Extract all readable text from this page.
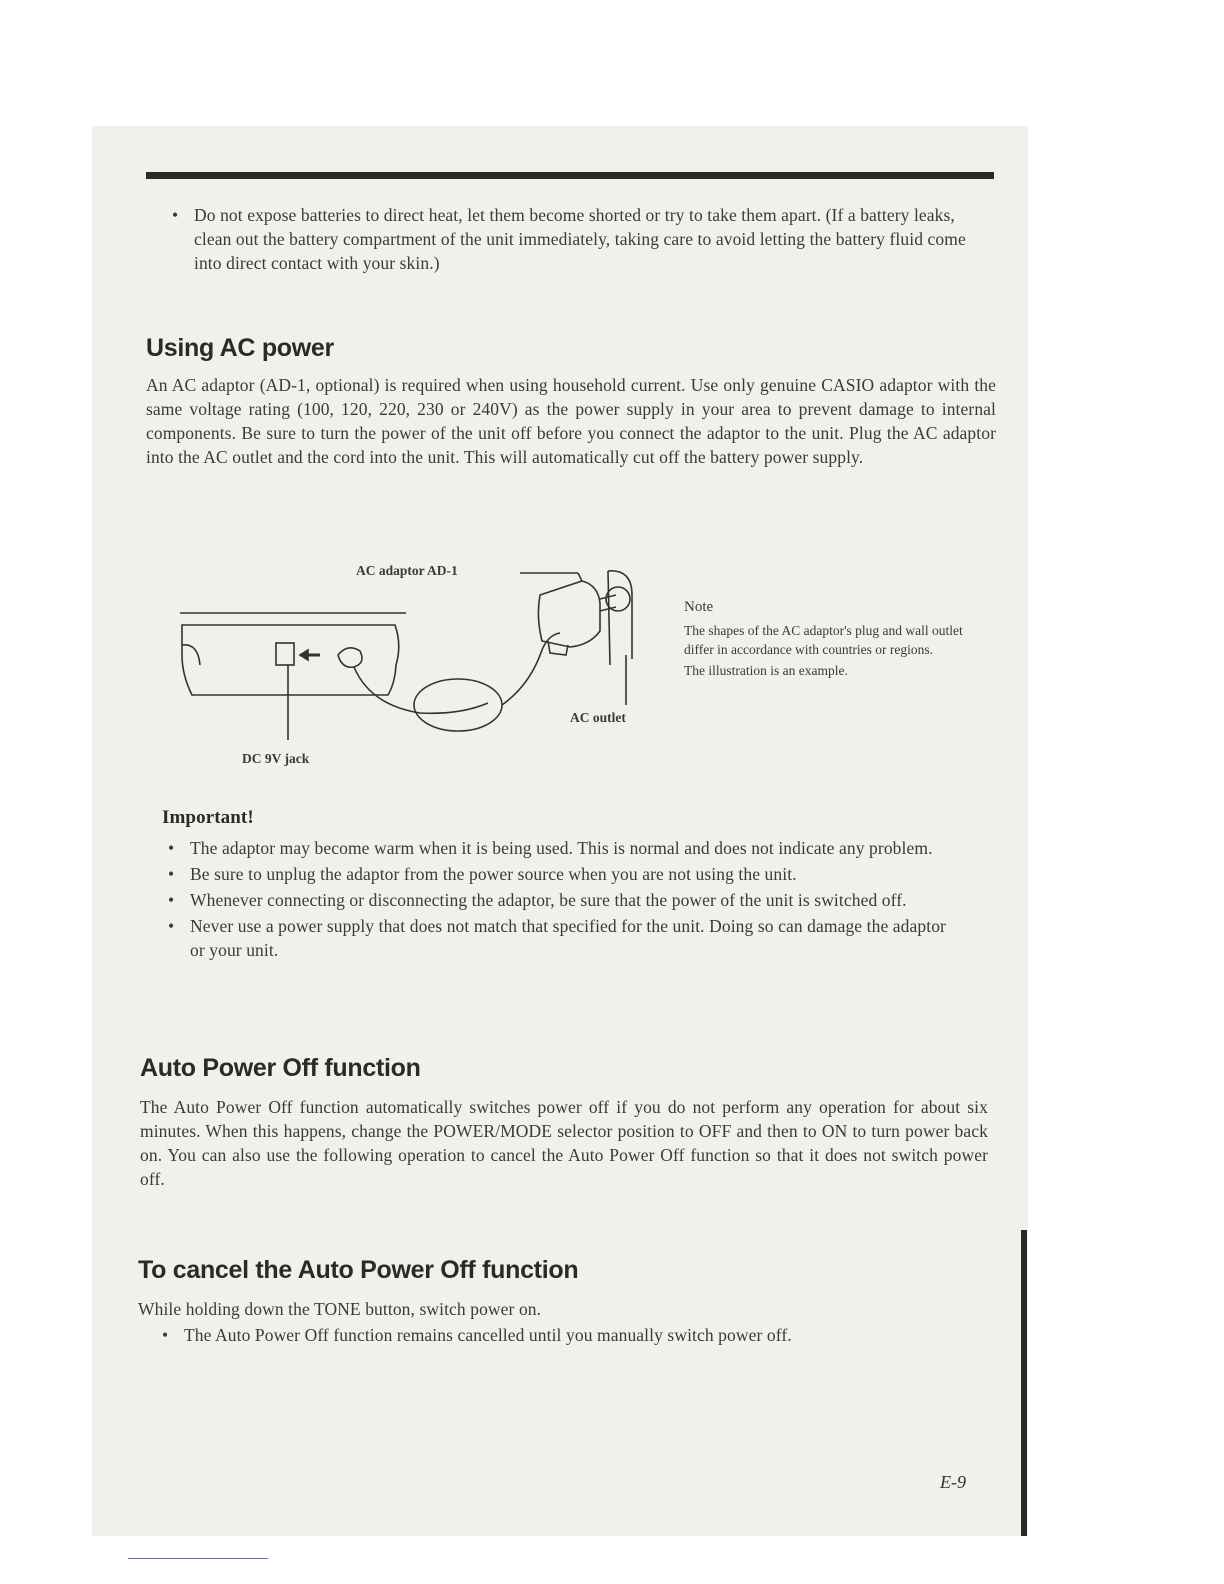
• Do not expose batteries to direct heat, let them become shorted or try to take them apart. (If a battery leaks, clean out the battery compartment of the unit immediately, taking care to avoid letting the battery fluid come into direct contact with your skin.)
Using AC power

An AC adaptor (AD-1, optional) is required when using household current. Use only genuine CASIO adaptor with the same voltage rating (100, 120, 220, 230 or 240V) as the power supply in your area to prevent damage to internal components. Be sure to turn the power of the unit off before you connect the adaptor to the unit. Plug the AC adaptor into the AC outlet and the cord into the unit. This will automatically cut off the battery power supply.

AC adaptor AD-1
AC outlet
DC 9V jack
Note
The shapes of the AC adaptor's plug and wall outlet differ in accordance with countries or regions.
The illustration is an example.
Important!
• The adaptor may become warm when it is being used. This is normal and does not indicate any problem.
• Be sure to unplug the adaptor from the power source when you are not using the unit.
• Whenever connecting or disconnecting the adaptor, be sure that the power of the unit is switched off.
• Never use a power supply that does not match that specified for the unit. Doing so can damage the adaptor or your unit.
Auto Power Off function

The Auto Power Off function automatically switches power off if you do not perform any operation for about six minutes. When this happens, change the POWER/MODE selector position to OFF and then to ON to turn power back on. You can also use the following operation to cancel the Auto Power Off function so that it does not switch power off.

To cancel the Auto Power Off function

While holding down the TONE button, switch power on.

• The Auto Power Off function remains cancelled until you manually switch power off.
E-9
